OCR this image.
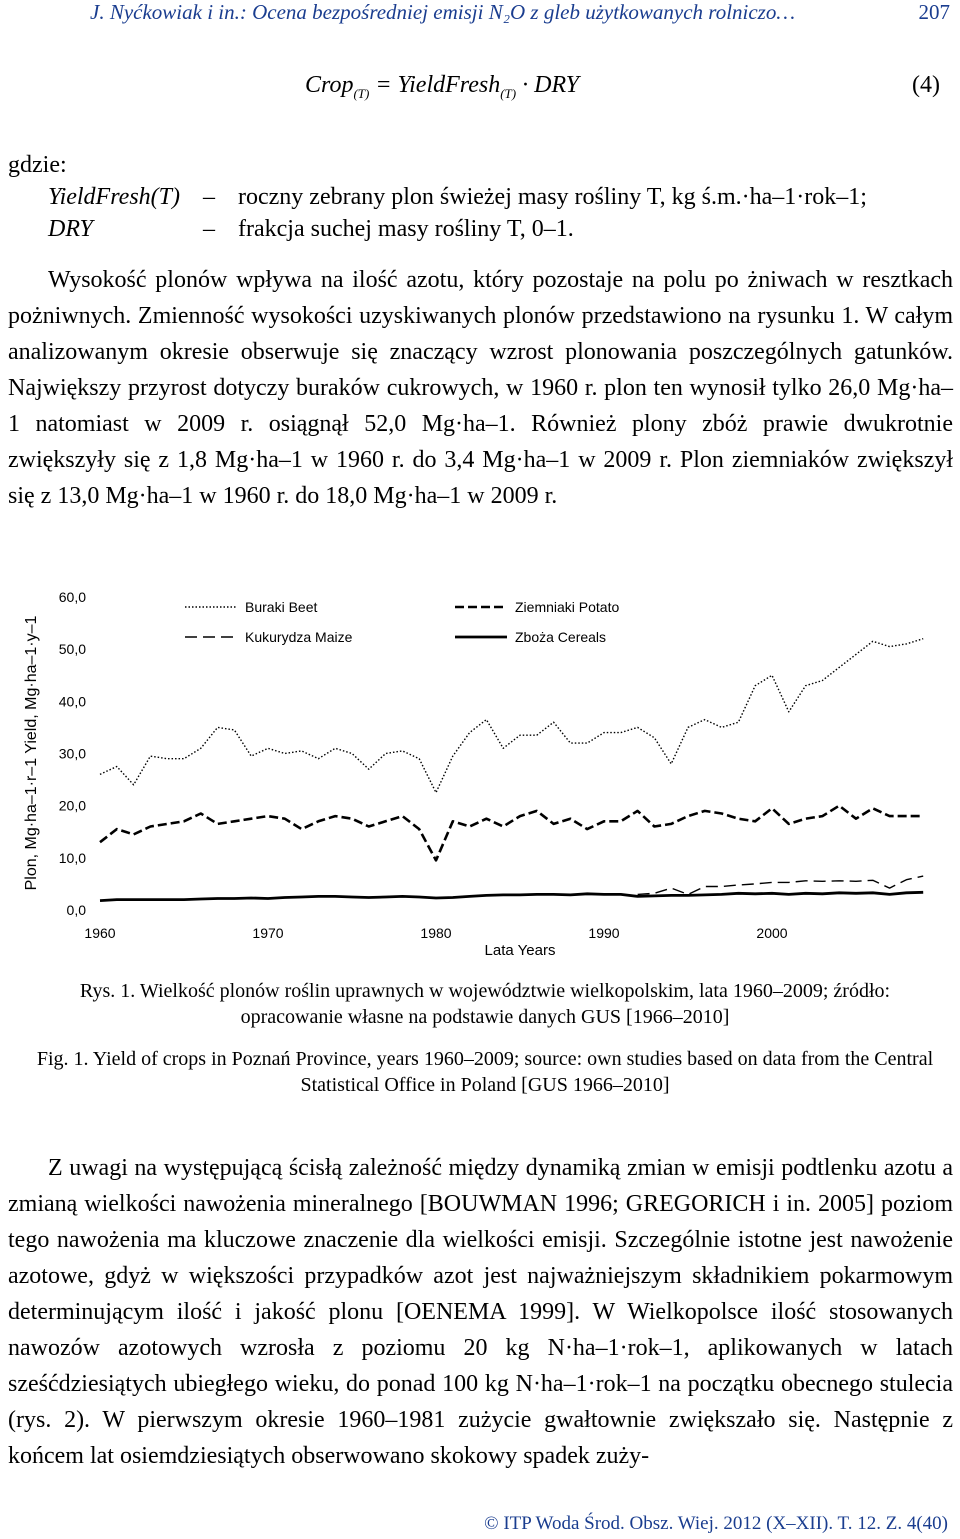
J. Nyćkowiak i in.: Ocena bezpośredniej emisji N₂O z gleb użytkowanych rolniczo…	207
Crop$_{(T)}$ = YieldFresh$_{(T)}$ · DRY	(4)
gdzie:
YieldFresh(T) – roczny zebrany plon świeżej masy rośliny T, kg ś.m.·ha–1·rok–1;
DRY	– frakcja suchej masy rośliny T, 0–1.
Wysokość plonów wpływa na ilość azotu, który pozostaje na polu po żniwach w resztkach pożniwnych. Zmienność wysokości uzyskiwanych plonów przedstawiono na rysunku 1. W całym analizowanym okresie obserwuje się znaczący wzrost plonowania poszczególnych gatunków. Największy przyrost dotyczy buraków cukrowych, w 1960 r. plon ten wynosił tylko 26,0 Mg·ha–1 natomiast w 2009 r. osiągnął 52,0 Mg·ha–1. Również plony zbóż prawie dwukrotnie zwiększyły się z 1,8 Mg·ha–1 w 1960 r. do 3,4 Mg·ha–1 w 2009 r. Plon ziemniaków zwiększył się z 13,0 Mg·ha–1 w 1960 r. do 18,0 Mg·ha–1 w 2009 r.
Buraki Beet	Ziemniaki Potato
Kukurydza Maize	Zboża Cereals
0,0
10,0
20,0
30,0
40,0
50,0
60,0
1960	1970	1980	1990	2000
Lata Years
Plon, Mg·ha–1·r–1 Yield, Mg·ha–1·y–1
Rys. 1. Wielkość plonów roślin uprawnych w województwie wielkopolskim, lata 1960–2009; źródło: opracowanie własne na podstawie danych GUS [1966–2010]
Fig. 1. Yield of crops in Poznań Province, years 1960–2009; source: own studies based on data from the Central Statistical Office in Poland [GUS 1966–2010]
Z uwagi na występującą ścisłą zależność między dynamiką zmian w emisji podtlenku azotu a zmianą wielkości nawożenia mineralnego [BOUWMAN 1996; GREGORICH i in. 2005] poziom tego nawożenia ma kluczowe znaczenie dla wielkości emisji. Szczególnie istotne jest nawożenie azotowe, gdyż w większości przypadków azot jest najważniejszym składnikiem pokarmowym determinującym ilość i jakość plonu [OENEMA 1999]. W Wielkopolsce ilość stosowanych nawozów azotowych wzrosła z poziomu 20 kg N·ha–1·rok–1, aplikowanych w latach sześćdziesiątych ubiegłego wieku, do ponad 100 kg N·ha–1·rok–1 na początku obecnego stulecia (rys. 2). W pierwszym okresie 1960–1981 zużycie gwałtownie zwiększało się. Następnie z końcem lat osiemdziesiątych obserwowano skokowy spadek zuży-
© ITP Woda Środ. Obsz. Wiej. 2012 (X–XII). T. 12. Z. 4(40)
